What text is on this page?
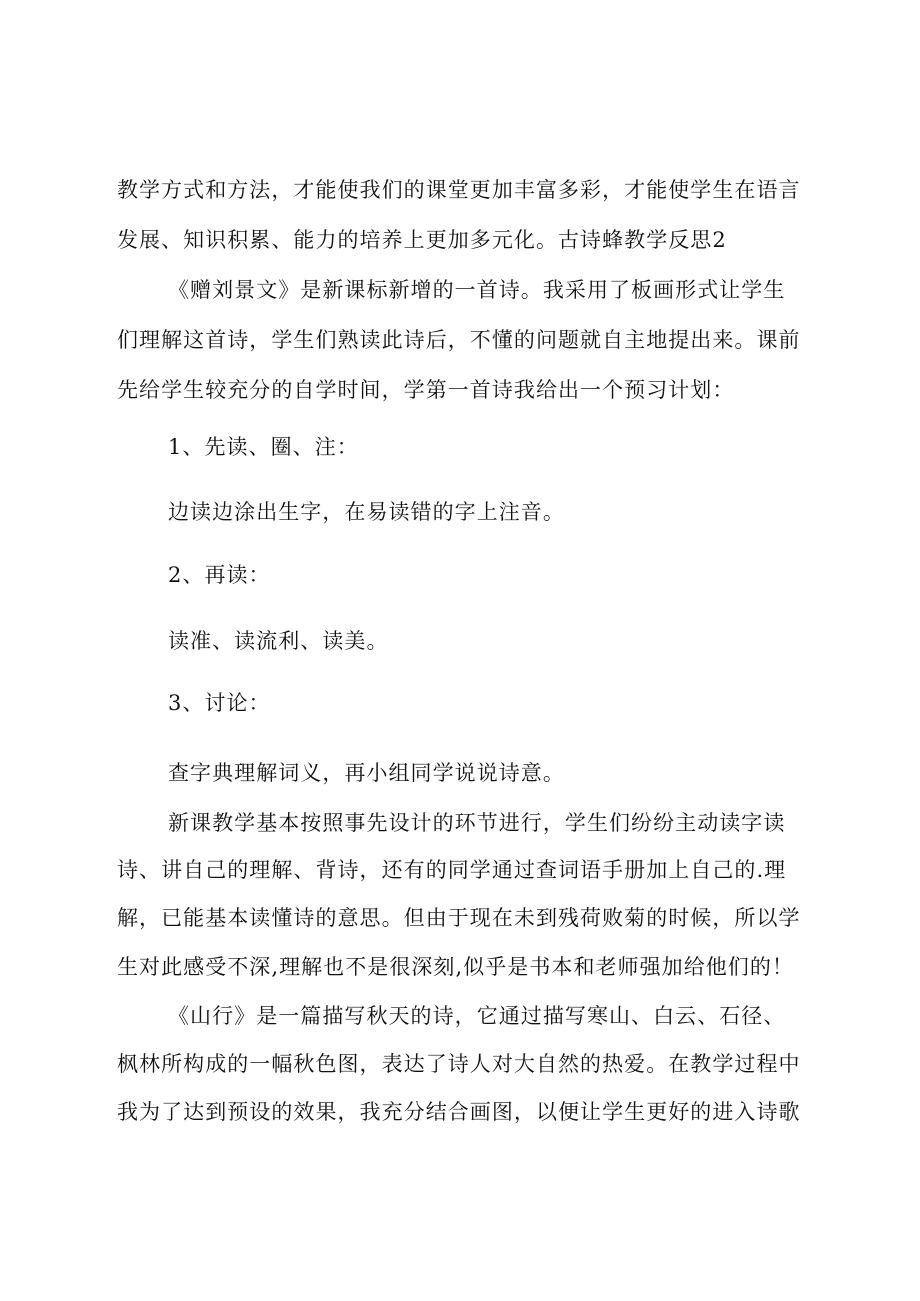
教学方式和方法，才能使我们的课堂更加丰富多彩，才能使学生在语言
发展、知识积累、能力的培养上更加多元化。古诗蜂教学反思2
《赠刘景文》是新课标新增的一首诗。我采用了板画形式让学生
们理解这首诗，学生们熟读此诗后，不懂的问题就自主地提出来。课前
先给学生较充分的自学时间，学第一首诗我给出一个预习计划：
1、先读、圈、注：
边读边涂出生字，在易读错的字上注音。
2、再读：
读准、读流利、读美。
3、讨论：
查字典理解词义，再小组同学说说诗意。
新课教学基本按照事先设计的环节进行，学生们纷纷主动读字读
诗、讲自己的理解、背诗，还有的同学通过查词语手册加上自己的.理
解，已能基本读懂诗的意思。但由于现在未到残荷败菊的时候，所以学
生对此感受不深,理解也不是很深刻,似乎是书本和老师强加给他们的！
《山行》是一篇描写秋天的诗，它通过描写寒山、白云、石径、
枫林所构成的一幅秋色图，表达了诗人对大自然的热爱。在教学过程中
我为了达到预设的效果，我充分结合画图，以便让学生更好的进入诗歌
